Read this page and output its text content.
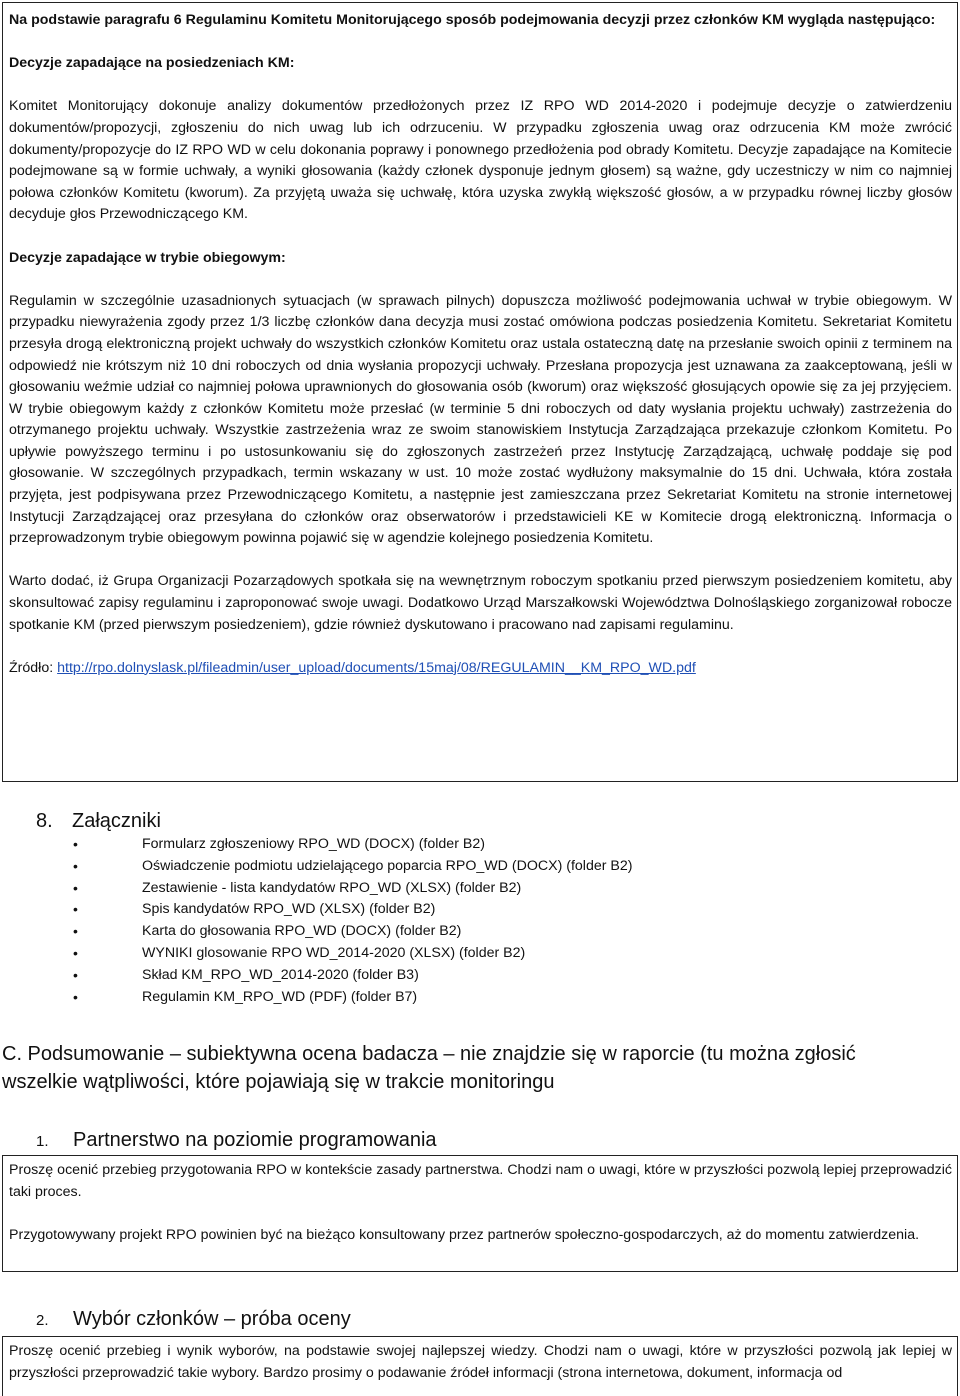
Na podstawie paragrafu 6 Regulaminu Komitetu Monitorującego sposób podejmowania decyzji przez członków KM wygląda następująco:

Decyzje zapadające na posiedzeniach KM:

Komitet Monitorujący dokonuje analizy dokumentów przedłożonych przez IZ RPO WD 2014-2020 i podejmuje decyzje o zatwierdzeniu dokumentów/propozycji, zgłoszeniu do nich uwag lub ich odrzuceniu. W przypadku zgłoszenia uwag oraz odrzucenia KM może zwrócić dokumenty/propozycje do IZ RPO WD w celu dokonania poprawy i ponownego przedłożenia pod obrady Komitetu. Decyzje zapadające na Komitecie podejmowane są w formie uchwały, a wyniki głosowania (każdy członek dysponuje jednym głosem) są ważne, gdy uczestniczy w nim co najmniej połowa członków Komitetu (kworum). Za przyjętą uważa się uchwałę, która uzyska zwykłą większość głosów, a w przypadku równej liczby głosów decyduje głos Przewodniczącego KM.

Decyzje zapadające w trybie obiegowym:

Regulamin w szczególnie uzasadnionych sytuacjach (w sprawach pilnych) dopuszcza możliwość podejmowania uchwał w trybie obiegowym. W przypadku niewyrażenia zgody przez 1/3 liczbę członków dana decyzja musi zostać omówiona podczas posiedzenia Komitetu. Sekretariat Komitetu przesyła drogą elektroniczną projekt uchwały do wszystkich członków Komitetu oraz ustala ostateczną datę na przesłanie swoich opinii z terminem na odpowiedź nie krótszym niż 10 dni roboczych od dnia wysłania propozycji uchwały. Przesłana propozycja jest uznawana za zaakceptowaną, jeśli w głosowaniu weźmie udział co najmniej połowa uprawnionych do głosowania osób (kworum) oraz większość głosujących opowie się za jej przyjęciem. W trybie obiegowym każdy z członków Komitetu może przesłać (w terminie 5 dni roboczych od daty wysłania projektu uchwały) zastrzeżenia do otrzymanego projektu uchwały. Wszystkie zastrzeżenia wraz ze swoim stanowiskiem Instytucja Zarządzająca przekazuje członkom Komitetu. Po upływie powyższego terminu i po ustosunkowaniu się do zgłoszonych zastrzeżeń przez Instytucję Zarządzającą, uchwałę poddaje się pod głosowanie. W szczególnych przypadkach, termin wskazany w ust. 10 może zostać wydłużony maksymalnie do 15 dni. Uchwała, która została przyjęta, jest podpisywana przez Przewodniczącego Komitetu, a następnie jest zamieszczana przez Sekretariat Komitetu na stronie internetowej Instytucji Zarządzającej oraz przesyłana do członków oraz obserwatorów i przedstawicieli KE w Komitecie drogą elektroniczną. Informacja o przeprowadzonym trybie obiegowym powinna pojawić się w agendzie kolejnego posiedzenia Komitetu.

Warto dodać, iż Grupa Organizacji Pozarządowych spotkała się na wewnętrznym roboczym spotkaniu przed pierwszym posiedzeniem komitetu, aby skonsultować zapisy regulaminu i zaproponować swoje uwagi. Dodatkowo Urząd Marszałkowski Województwa Dolnośląskiego zorganizował robocze spotkanie KM (przed pierwszym posiedzeniem), gdzie również dyskutowano i pracowano nad zapisami regulaminu.

Źródło: http://rpo.dolnyslask.pl/fileadmin/user_upload/documents/15maj/08/REGULAMIN__KM_RPO_WD.pdf

8. Załączniki
•	Formularz zgłoszeniowy RPO_WD (DOCX) (folder B2)
•	Oświadczenie podmiotu udzielającego poparcia RPO_WD (DOCX) (folder B2)
•	Zestawienie - lista kandydatów RPO_WD (XLSX) (folder B2)
•	Spis kandydatów RPO_WD (XLSX) (folder B2)
•	Karta do głosowania RPO_WD (DOCX) (folder B2)
•	WYNIKI glosowanie RPO WD_2014-2020 (XLSX) (folder B2)
•	Skład KM_RPO_WD_2014-2020 (folder B3)
•	Regulamin KM_RPO_WD (PDF) (folder B7)
C. Podsumowanie – subiektywna ocena badacza – nie znajdzie się w raporcie (tu można zgłosić wszelkie wątpliwości, które pojawiają się w trakcie monitoringu
1. Partnerstwo na poziomie programowania

Proszę ocenić przebieg przygotowania RPO w kontekście zasady partnerstwa. Chodzi nam o uwagi, które w przyszłości pozwolą lepiej przeprowadzić taki proces.

Przygotowywany projekt RPO powinien być na bieżąco konsultowany przez partnerów społeczno-gospodarczych, aż do momentu zatwierdzenia.

2. Wybór członków – próba oceny

Proszę ocenić przebieg i wynik wyborów, na podstawie swojej najlepszej wiedzy. Chodzi nam o uwagi, które w przyszłości pozwolą jak lepiej w przyszłości przeprowadzić takie wybory. Bardzo prosimy o podawanie źródeł informacji (strona internetowa, dokument, informacja od
